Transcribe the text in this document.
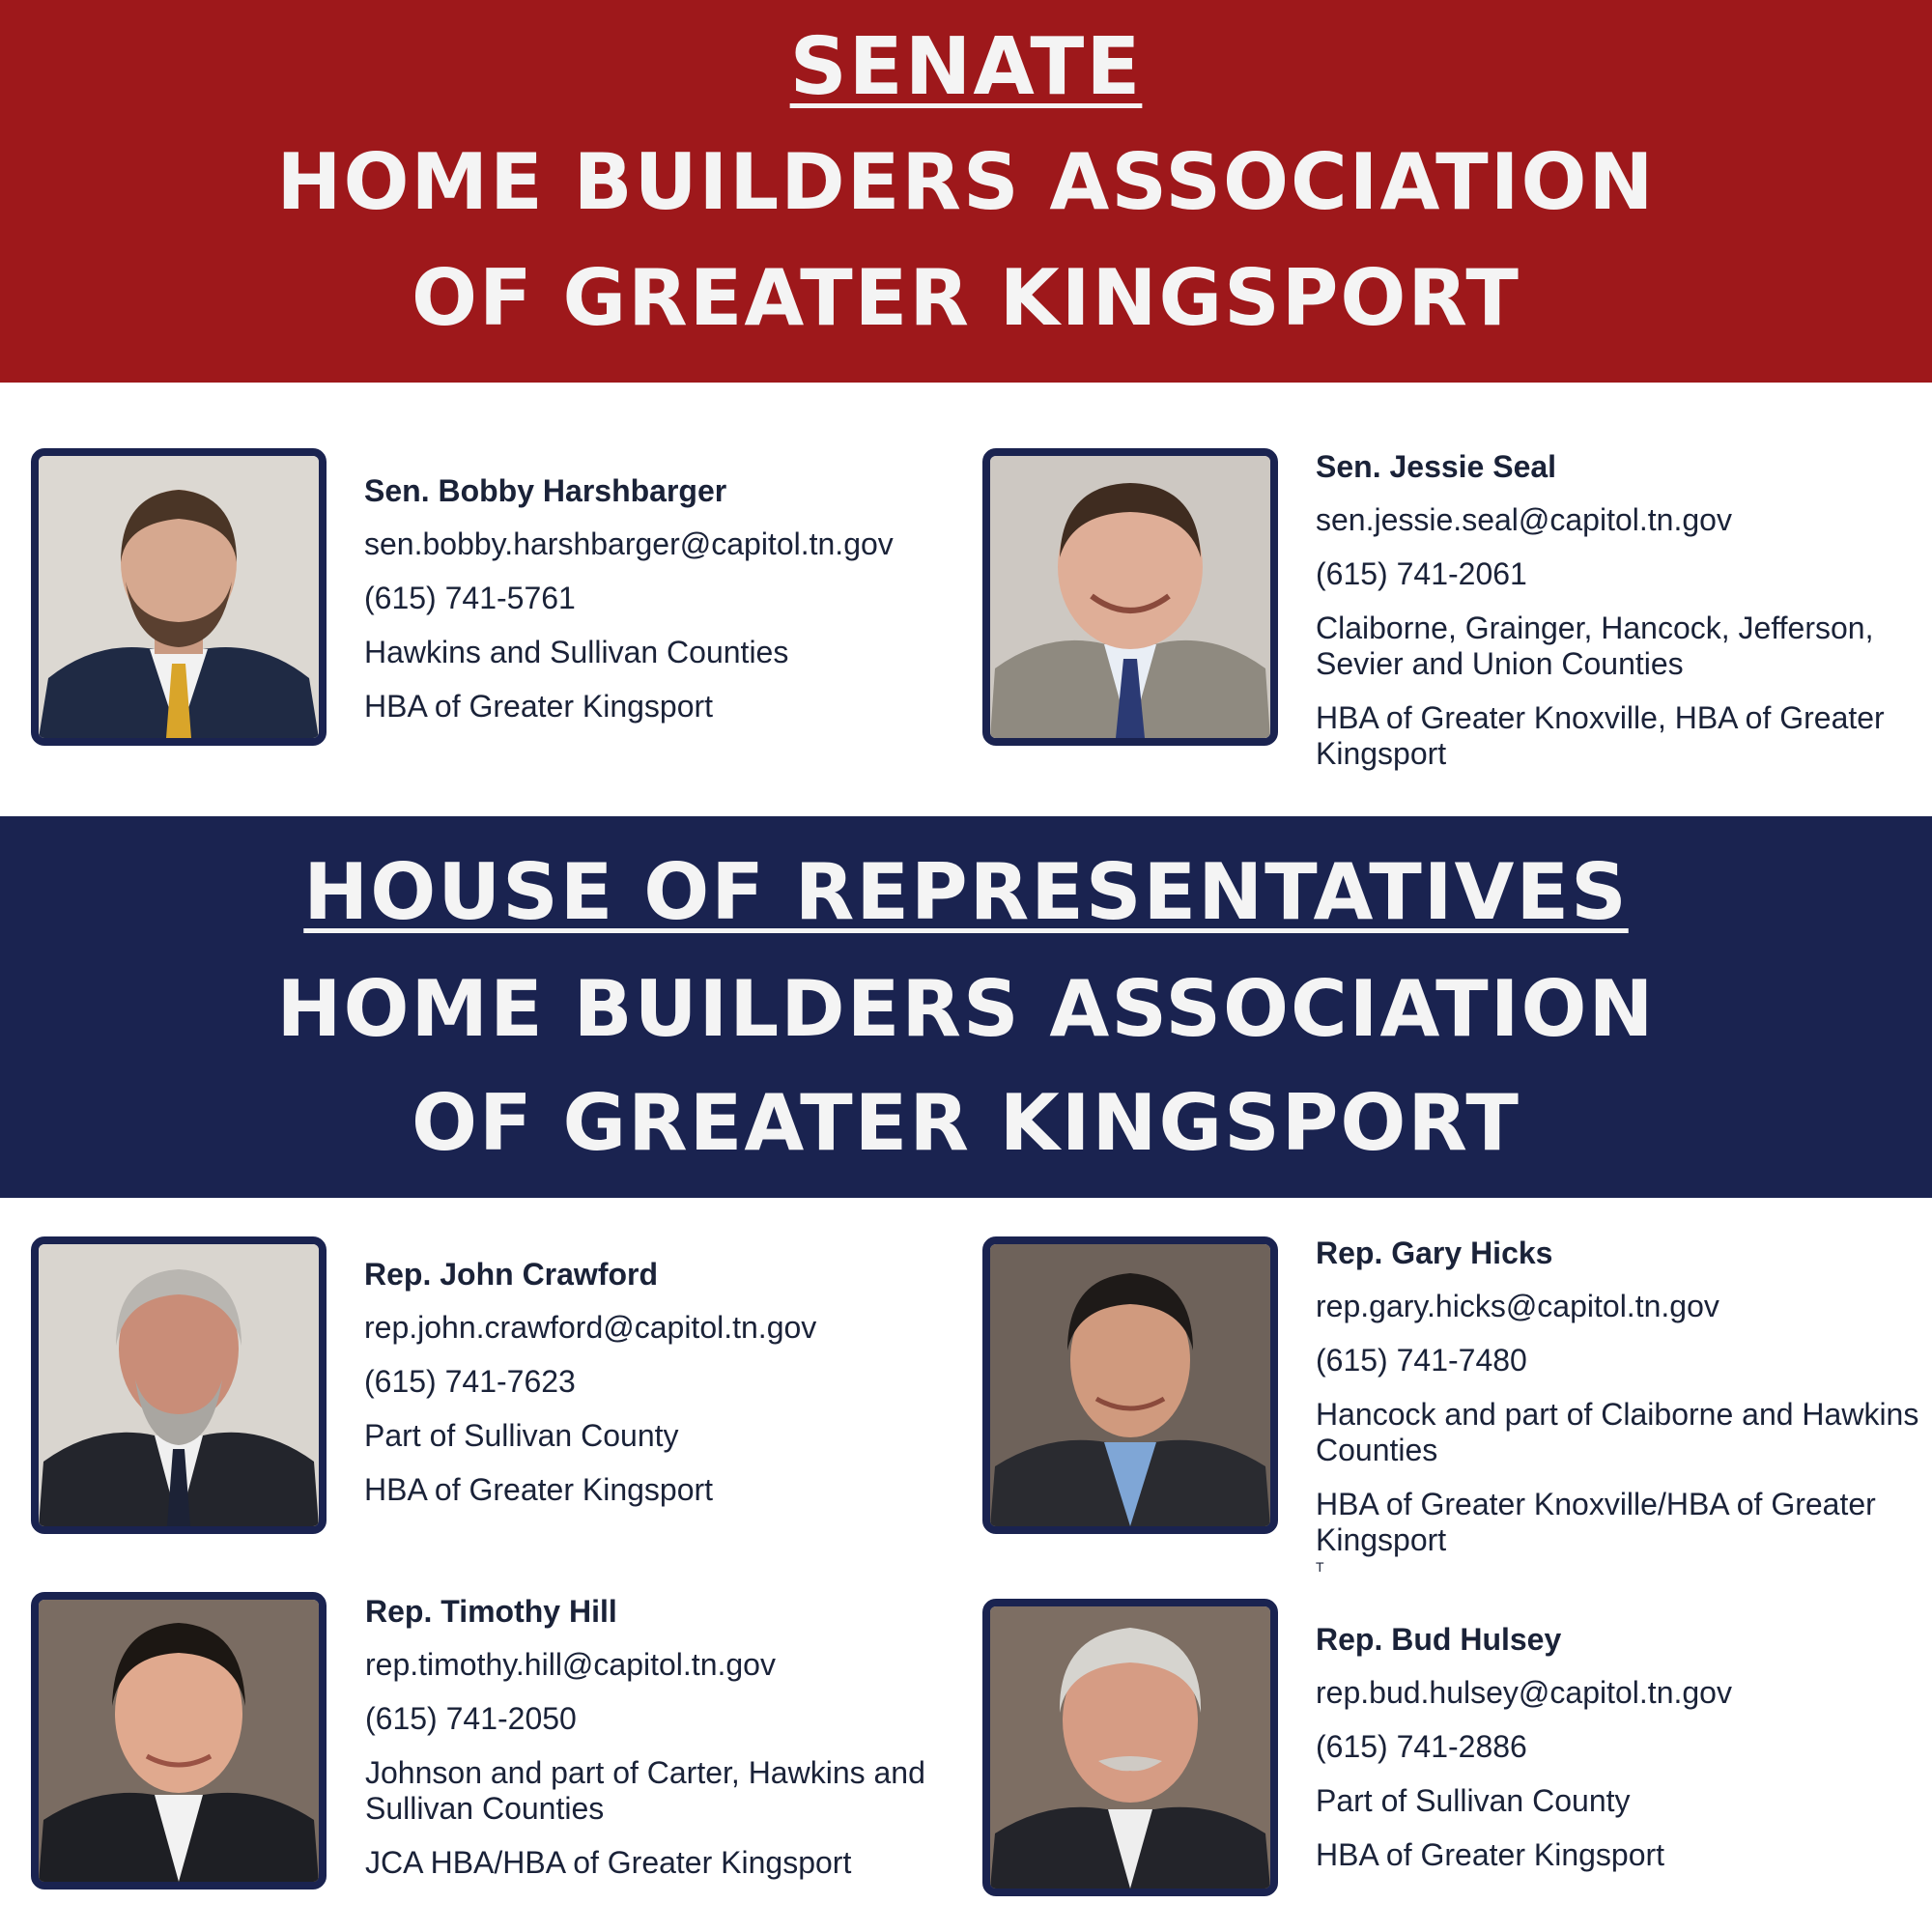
SENATE
HOME BUILDERS ASSOCIATION
OF GREATER KINGSPORT
Sen. Bobby Harshbarger
sen.bobby.harshbarger@capitol.tn.gov
(615) 741-5761
Hawkins and Sullivan Counties
HBA of Greater Kingsport
Sen. Jessie Seal
sen.jessie.seal@capitol.tn.gov
(615) 741-2061
Claiborne, Grainger, Hancock, Jefferson, Sevier and Union Counties
HBA of Greater Knoxville, HBA of Greater Kingsport
HOUSE OF REPRESENTATIVES
HOME BUILDERS ASSOCIATION
OF GREATER KINGSPORT
Rep. John Crawford
rep.john.crawford@capitol.tn.gov
(615) 741-7623
Part of Sullivan County
HBA of Greater Kingsport
Rep. Gary Hicks
rep.gary.hicks@capitol.tn.gov
(615) 741-7480
Hancock and part of Claiborne and Hawkins Counties
HBA of Greater Knoxville/HBA of Greater Kingsport
T
Rep. Timothy Hill
rep.timothy.hill@capitol.tn.gov
(615) 741-2050
Johnson and part of Carter, Hawkins and Sullivan Counties
JCA HBA/HBA of Greater Kingsport
Rep. Bud Hulsey
rep.bud.hulsey@capitol.tn.gov
(615) 741-2886
Part of Sullivan County
HBA of Greater Kingsport
